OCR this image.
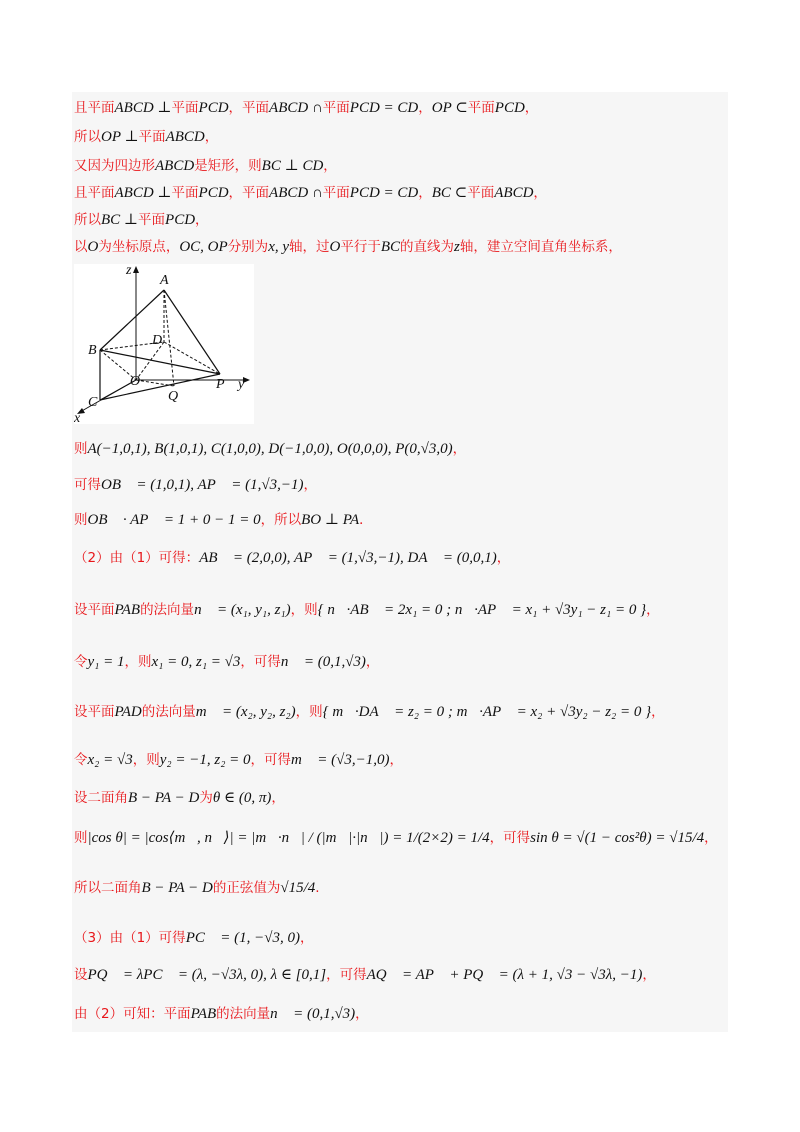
且平面 ABCD ⊥ 平面 PCD ，平面 ABCD ∩ 平面 PCD = CD ， OP ⊂ 平面 PCD ，
所以 OP ⊥ 平面 ABCD ，
又因为四边形 ABCD 是矩形，则 BC ⊥ CD ，
且平面 ABCD ⊥ 平面 PCD ，平面 ABCD ∩ 平面 PCD = CD ， BC ⊂ 平面 ABCD ，
所以 BC ⊥ 平面 PCD ，
以 O 为坐标原点， OC, OP 分别为 x, y 轴，过 O 平行于 BC 的直线为 z 轴，建立空间直角坐标系，
则 A(−1,0,1), B(1,0,1), C(1,0,0), D(−1,0,0), O(0,0,0), P(0,√3,0) ，
可得 OB⃗ = (1,0,1), AP⃗ = (1,√3,−1) ，
则 OB⃗ · AP⃗ = 1 + 0 − 1 = 0 ，所以 BO ⊥ PA ．
（2）由（1）可得： AB⃗ = (2,0,0), AP⃗ = (1,√3,−1), DA⃗ = (0,0,1) ，
设平面 PAB 的法向量 n⃗ = (x₁, y₁, z₁) ，则 { n⃗·AB⃗ = 2x₁ = 0 ; n⃗·AP⃗ = x₁ + √3y₁ − z₁ = 0 } ，
令 y₁ = 1 ，则 x₁ = 0, z₁ = √3 ，可得 n⃗ = (0,1,√3) ，
设平面 PAD 的法向量 m⃗ = (x₂, y₂, z₂) ，则 { m⃗·DA⃗ = z₂ = 0 ; m⃗·AP⃗ = x₂ + √3y₂ − z₂ = 0 } ，
令 x₂ = √3 ，则 y₂ = −1, z₂ = 0 ，可得 m⃗ = (√3,−1,0) ，
设二面角 B − PA − D 为 θ ∈ (0, π) ，
则 |cos θ| = |cos⟨m⃗, n⃗⟩| = |m⃗·n⃗| / (|m⃗|·|n⃗|) = 1/(2×2) = 1/4 ，可得 sin θ = √(1 − cos²θ) = √15/4 ，
所以二面角 B − PA − D 的正弦值为 √15/4 .
（3）由（1）可得 PC⃗ = (1, −√3, 0) ，
设 PQ⃗ = λPC⃗ = (λ, −√3λ, 0), λ ∈ [0,1] ，可得 AQ⃗ = AP⃗ + PQ⃗ = (λ + 1, √3 − √3λ, −1) ，
由（2）可知：平面 PAB 的法向量 n⃗ = (0,1,√3) ，
z
A
B
D
O	P y
Q
C
x
